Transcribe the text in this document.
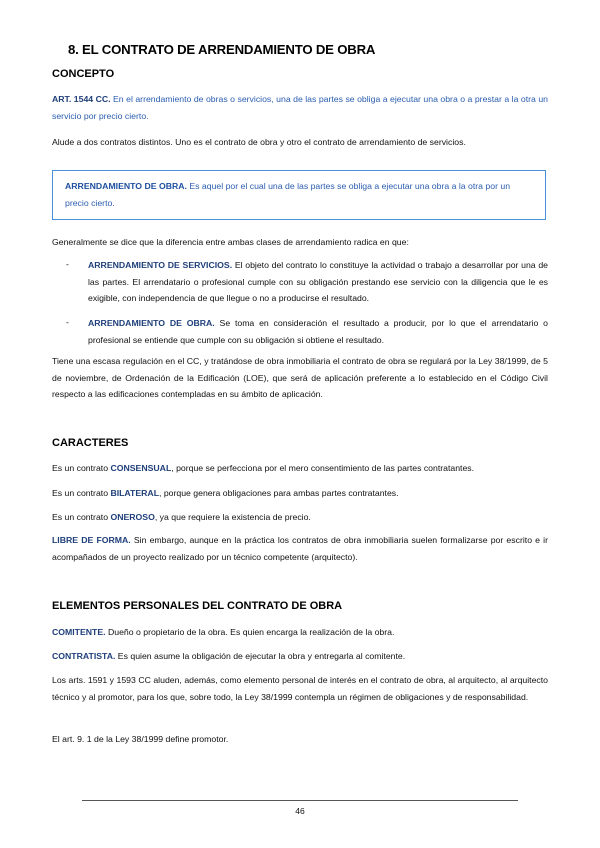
8. EL CONTRATO DE ARRENDAMIENTO DE OBRA
CONCEPTO
ART. 1544 CC. En el arrendamiento de obras o servicios, una de las partes se obliga a ejecutar una obra o a prestar a la otra un servicio por precio cierto.
Alude a dos contratos distintos. Uno es el contrato de obra y otro el contrato de arrendamiento de servicios.
ARRENDAMIENTO DE OBRA. Es aquel por el cual una de las partes se obliga a ejecutar una obra a la otra por un precio cierto.
Generalmente se dice que la diferencia entre ambas clases de arrendamiento radica en que:
- ARRENDAMIENTO DE SERVICIOS. El objeto del contrato lo constituye la actividad o trabajo a desarrollar por una de las partes. El arrendatario o profesional cumple con su obligación prestando ese servicio con la diligencia que le es exigible, con independencia de que llegue o no a producirse el resultado.
- ARRENDAMIENTO DE OBRA. Se toma en consideración el resultado a producir, por lo que el arrendatario o profesional se entiende que cumple con su obligación si obtiene el resultado.
Tiene una escasa regulación en el CC, y tratándose de obra inmobiliaria el contrato de obra se regulará por la Ley 38/1999, de 5 de noviembre, de Ordenación de la Edificación (LOE), que será de aplicación preferente a lo establecido en el Código Civil respecto a las edificaciones contempladas en su ámbito de aplicación.
CARACTERES
Es un contrato CONSENSUAL, porque se perfecciona por el mero consentimiento de las partes contratantes.
Es un contrato BILATERAL, porque genera obligaciones para ambas partes contratantes.
Es un contrato ONEROSO, ya que requiere la existencia de precio.
LIBRE DE FORMA. Sin embargo, aunque en la práctica los contratos de obra inmobiliaria suelen formalizarse por escrito e ir acompañados de un proyecto realizado por un técnico competente (arquitecto).
ELEMENTOS PERSONALES DEL CONTRATO DE OBRA
COMITENTE. Dueño o propietario de la obra. Es quien encarga la realización de la obra.
CONTRATISTA. Es quien asume la obligación de ejecutar la obra y entregarla al comitente.
Los arts. 1591 y 1593 CC aluden, además, como elemento personal de interés en el contrato de obra, al arquitecto, al arquitecto técnico y al promotor, para los que, sobre todo, la Ley 38/1999 contempla un régimen de obligaciones y de responsabilidad.
El art. 9. 1 de la Ley 38/1999 define promotor.
46
